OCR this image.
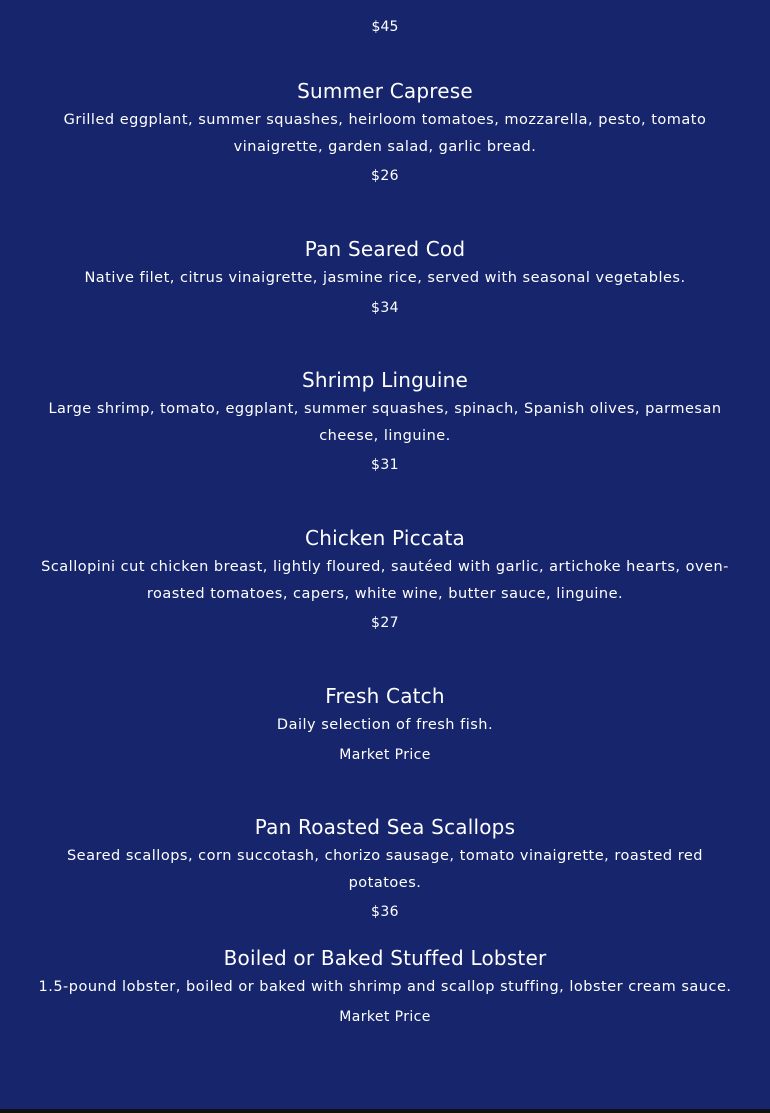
$45
Summer Caprese

Grilled eggplant, summer squashes, heirloom tomatoes, mozzarella, pesto, tomato vinaigrette, garden salad, garlic bread.

$26

Pan Seared Cod

Native filet, citrus vinaigrette, jasmine rice, served with seasonal vegetables.

$34

Shrimp Linguine

Large shrimp, tomato, eggplant, summer squashes, spinach, Spanish olives, parmesan cheese, linguine.

$31

Chicken Piccata

Scallopini cut chicken breast, lightly floured, sautéed with garlic, artichoke hearts, oven-roasted tomatoes, capers, white wine, butter sauce, linguine.

$27

Fresh Catch

Daily selection of fresh fish.

Market Price

Pan Roasted Sea Scallops

Seared scallops, corn succotash, chorizo sausage, tomato vinaigrette, roasted red potatoes.

$36

Boiled or Baked Stuffed Lobster

1.5-pound lobster, boiled or baked with shrimp and scallop stuffing, lobster cream sauce.

Market Price
